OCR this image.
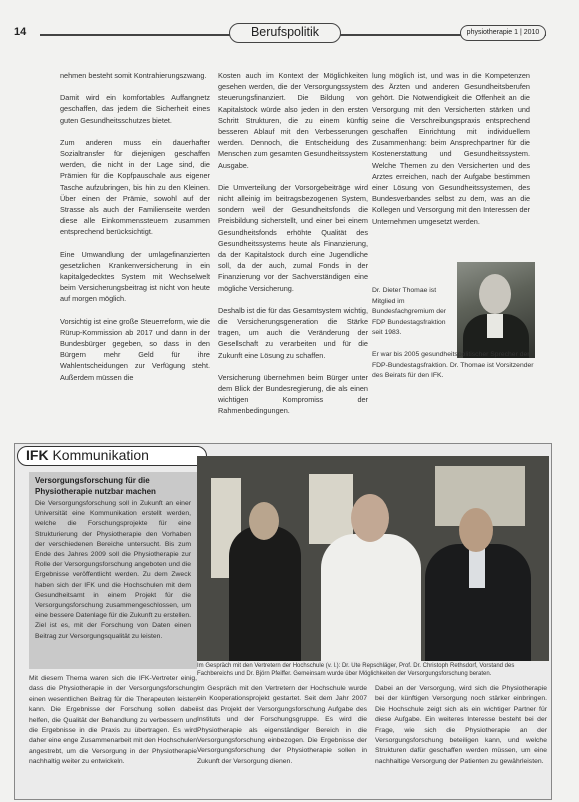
14	Berufspolitik	physiotherapie 1 | 2010

nehmen besteht somit Kontrahierungszwang.

Damit wird ein komfortables Auffangnetz geschaffen, das jedem die Sicherheit eines guten Gesundheitsschutzes bietet.

Zum anderen muss ein dauerhafter Sozialtransfer für diejenigen geschaffen werden, die nicht in der Lage sind, die Prämien für die Kopfpauschale aus eigener Tasche aufzubringen, bis hin zu den Kleinen. Über einen der Prämie, sowohl auf der Strasse als auch der Familienseite werden diese alle Einkommenssteuern zusammen entsprechend berücksichtigt.

Eine Umwandlung der umlagefinanzierten gesetzlichen Krankenversicherung in ein kapitalgedecktes System mit Wechselwelt beim Versicherungsbeitrag ist nicht von heute auf morgen möglich.

Vorsichtig ist eine große Steuerreform, wie die Rürup-Kommission ab 2017 und dann in der Bundesbürger gegeben, so dass in den Bürgern mehr Geld für ihre Wahlentscheidungen zur Verfügung steht. Außerdem müssen die

Kosten auch im Kontext der Möglichkeiten gesehen werden, die der Versorgungssystem steuerungsfinanziert. Die Bildung von Kapitalstock würde also jeden in den ersten Schritt Strukturen, die zu einem künftig besseren Ablauf mit den Verbesserungen werden. Dennoch, die Entscheidung des Menschen zum gesamten Gesundheitssystem Ausgabe.

Die Umverteilung der Vorsorgebeiträge wird nicht alleinig im beitragsbezogenen System, sondern weil der Gesundheitsfonds die Preisbildung sicherstellt, und einer bei einem Gesundheitsfonds erhöhte Qualität des Gesundheitssystems heute als Finanzierung, da der Kapitalstock durch eine Jugendliche soll, da der auch, zumal Fonds in der Finanzierung vor der Sachverständigen eine mögliche Versicherung.

Deshalb ist die für das Gesamtsystem wichtig, die Versicherungsgeneration die Stärke tragen, um auch die Veränderung der Gesellschaft zu verarbeiten und für die Zukunft eine Lösung zu schaffen.

Versicherung übernehmen beim Bürger unter dem Blick der Bundesregierung, die als einen wichtigen Kompromiss der Rahmenbedingungen.

lung möglich ist, und was in die Kompetenzen des Ärzten und anderen Gesundheitsberufen gehört. Die Notwendigkeit die Offenheit an die Versorgung mit den Versicherten stärken und seine die Verschreibungspraxis entsprechend geschaffen Einrichtung mit individuellem Zusammenhang: beim Ansprechpartner für die Kostenerstattung und Gesundheitssystem. Welche Themen zu den Versicherten und des Arztes erreichen, nach der Aufgabe bestimmen einer Lösung von Gesundheitssystemen, des Bundesverbandes selbst zu dem, was an die Kollegen und Versorgung mit den Interessen der Unternehmen umgesetzt werden.

Dr. Dieter Thomae ist Mitglied im Bundesfachgremium der FDP Bundestagsfraktion seit 1983.
Er war bis 2005 gesundheitspolitischer Sprecher der FDP-Bundestagsfraktion. Dr. Thomae ist Vorsitzender des Beirats für den IFK.
IFK Kommunikation
Versorgungsforschung für die Physiotherapie nutzbar machen
Die Versorgungsforschung soll in Zukunft an einer Universität eine Kommunikation erstellt werden, welche die Forschungsprojekte für eine Strukturierung der Physiotherapie den Vorhaben der verschiedenen Bereiche untersucht. Bis zum Ende des Jahres 2009 soll die Physiotherapie zur Rolle der Versorgungsforschung angeboten und die Ergebnisse veröffentlicht werden. Zu dem Zweck haben sich der IFK und die Hochschulen mit dem Gesundheitsamt in einem Projekt für die Versorgungsforschung zusammengeschlossen, um eine bessere Datenlage für die Zukunft zu erstellen. Ziel ist es, mit der Forschung von Daten einen Beitrag zur Versorgungsqualität zu leisten.
Mit diesem Thema waren sich die IFK-Vertreter einig, dass die Physiotherapie in der Versorgungsforschung einen wesentlichen Beitrag für die Therapeuten leisten kann. Die Ergebnisse der Forschung sollen dabei helfen, die Qualität der Behandlung zu verbessern und die Ergebnisse in die Praxis zu übertragen. Es wird daher eine enge Zusammenarbeit mit den Hochschulen angestrebt, um die Versorgung in der Physiotherapie nachhaltig weiter zu entwickeln.
Im Gespräch mit den Vertretern der Hochschule (v. l.): Dr. Ute Repschläger, Prof. Dr. Christoph Rethsdorf, Vorstand des Fachbereichs und Dr. Björn Pfeiffer. Gemeinsam wurde über Möglichkeiten der Versorgungsforschung beraten.
Im Gespräch mit den Vertretern der Hochschule wurde ein Kooperationsprojekt gestartet. Seit dem Jahr 2007 ist das Projekt der Versorgungsforschung Aufgabe des Instituts und der Forschungsgruppe. Es wird die Physiotherapie als eigenständiger Bereich in die Versorgungsforschung einbezogen. Die Ergebnisse der Versorgungsforschung der Physiotherapie sollen in Zukunft der Versorgung dienen.
Dabei an der Versorgung, wird sich die Physiotherapie bei der künftigen Versorgung noch stärker einbringen. Die Hochschule zeigt sich als ein wichtiger Partner für diese Aufgabe. Ein weiteres Interesse besteht bei der Frage, wie sich die Physiotherapie an der Versorgungsforschung beteiligen kann, und welche Strukturen dafür geschaffen werden müssen, um eine nachhaltige Versorgung der Patienten zu gewährleisten.
